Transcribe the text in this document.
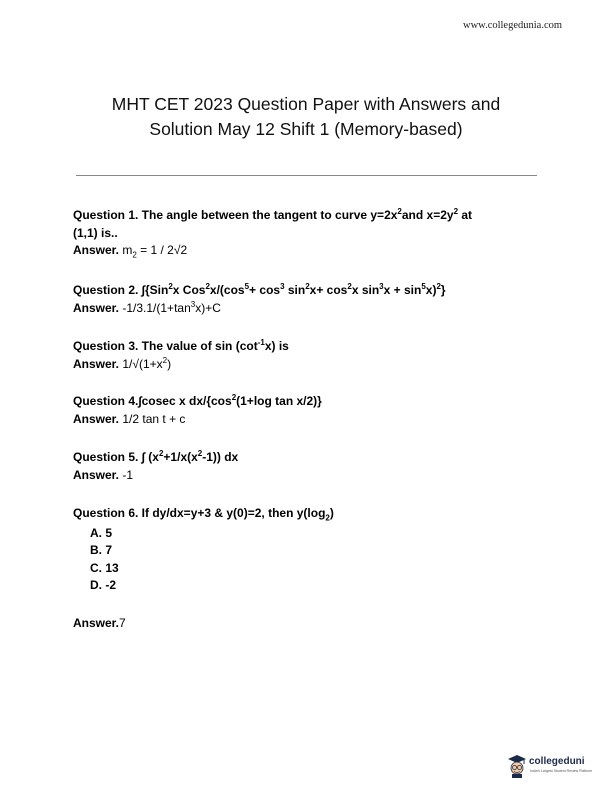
www.collegedunia.com
MHT CET 2023 Question Paper with Answers and
Solution May 12 Shift 1 (Memory-based)
Question 1. The angle between the tangent to curve $y=2x^2and$ $x=2y^2$ at
(1,1) is..
Answer. $m_2 = 1 / 2√2$
Question 2. ∫{Sin$^2$x $Cos^2x/(\cos^5+ \cos^3 \sin^2x+ \cos^2x$ $\sin^3x + \sin^5x)^2$}
Answer. $-1/3.1/(1+\tan^3x)+C$
Question 3. The value of $\sin (\cot^{-1}x)$ is
Answer. $1/√(1+x^2)$
Question 4.∫cosec x $dx/\{\cos^2(1+\log$ tan x/2)}
Answer. 1/2 tan t + c
Question 5. ∫ $(x^2+1/x(x^2-1))$ dx
Answer. -1
Question 6. If dy/dx=y+3 & y(0)=2, then $y(\log_2)$
A. 5
B. 7
C. 13
D. -2
Answer.7
collegeduni
India's Largest Student Review Platform
